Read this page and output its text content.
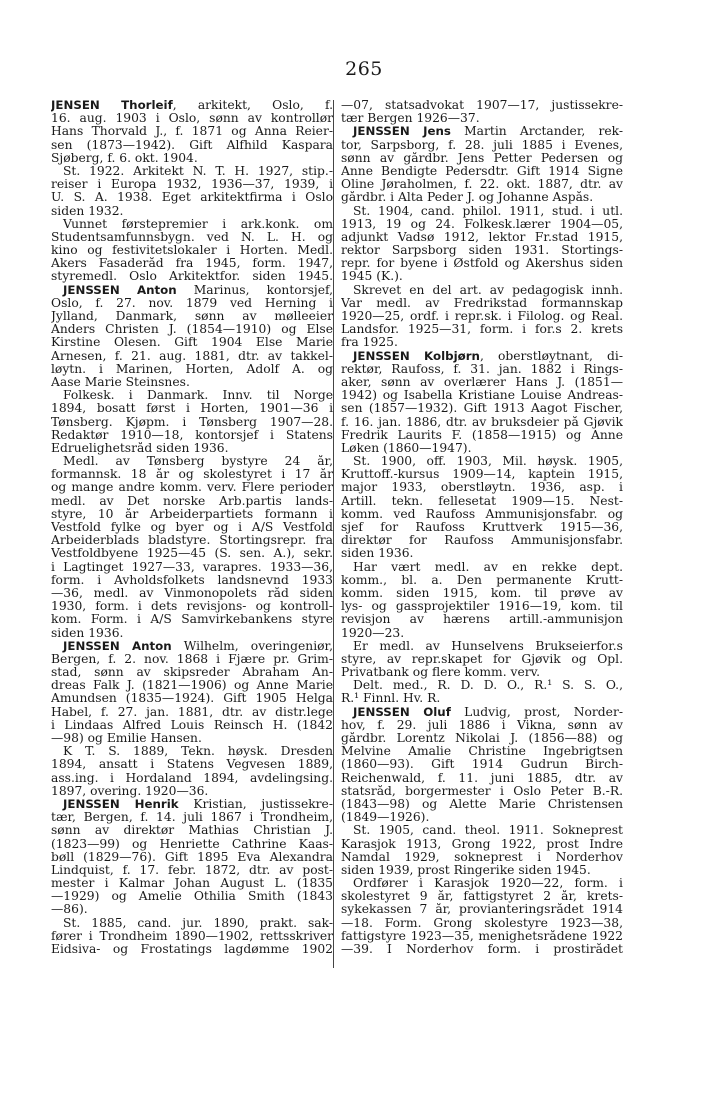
265
JENSEN Thorleif, arkitekt, Oslo, f.
16. aug. 1903 i Oslo, sønn av kontrollør
Hans Thorvald J., f. 1871 og Anna Reier-
sen (1873—1942). Gift Alfhild Kaspara
Sjøberg, f. 6. okt. 1904.
St. 1922. Arkitekt N. T. H. 1927, stip.-
reiser i Europa 1932, 1936—37, 1939, i
U. S. A. 1938. Eget arkitektfirma i Oslo
siden 1932.
Vunnet førstepremier i ark.konk. om
Studentsamfunnsbygn. ved N. L. H. og
kino og festivitetslokaler i Horten. Medl.
Akers Fasaderåd fra 1945, form. 1947,
styremedl. Oslo Arkitektfor. siden 1945.
JENSSEN Anton Marinus, kontorsjef,
Oslo, f. 27. nov. 1879 ved Herning i
Jylland, Danmark, sønn av mølleeier
Anders Christen J. (1854—1910) og Else
Kirstine Olesen. Gift 1904 Else Marie
Arnesen, f. 21. aug. 1881, dtr. av takkel-
løytn. i Marinen, Horten, Adolf A. og
Aase Marie Steinsnes.
Folkesk. i Danmark. Innv. til Norge
1894, bosatt først i Horten, 1901—36 i
Tønsberg. Kjøpm. i Tønsberg 1907—28.
Redaktør 1910—18, kontorsjef i Statens
Edruelighetsråd siden 1936.
Medl. av Tønsberg bystyre 24 år,
formannsk. 18 år og skolestyret i 17 år
og mange andre komm. verv. Flere perioder
medl. av Det norske Arb.partis lands-
styre, 10 år Arbeiderpartiets formann i
Vestfold fylke og byer og i A/S Vestfold
Arbeiderblads bladstyre. Stortingsrepr. fra
Vestfoldbyene 1925—45 (S. sen. A.), sekr.
i Lagtinget 1927—33, varapres. 1933—36,
form. i Avholdsfolkets landsnevnd 1933
—36, medl. av Vinmonopolets råd siden
1930, form. i dets revisjons- og kontroll-
kom. Form. i A/S Samvirkebankens styre
siden 1936.
JENSSEN Anton Wilhelm, overingeniør,
Bergen, f. 2. nov. 1868 i Fjære pr. Grim-
stad, sønn av skipsreder Abraham An-
dreas Falk J. (1821—1906) og Anne Marie
Amundsen (1835—1924). Gift 1905 Helga
Habel, f. 27. jan. 1881, dtr. av distr.lege
i Lindaas Alfred Louis Reinsch H. (1842
—98) og Emilie Hansen.
K T. S. 1889, Tekn. høysk. Dresden
1894, ansatt i Statens Vegvesen 1889,
ass.ing. i Hordaland 1894, avdelingsing.
1897, overing. 1920—36.
JENSSEN Henrik Kristian, justissekre-
tær, Bergen, f. 14. juli 1867 i Trondheim,
sønn av direktør Mathias Christian J.
(1823—99) og Henriette Cathrine Kaas-
bøll (1829—76). Gift 1895 Eva Alexandra
Lindquist, f. 17. febr. 1872, dtr. av post-
mester i Kalmar Johan August L. (1835
—1929) og Amelie Othilia Smith (1843
—86).
St. 1885, cand. jur. 1890, prakt. sak-
fører i Trondheim 1890—1902, rettsskriver
Eidsiva- og Frostatings lagdømme 1902
—07, statsadvokat 1907—17, justissekre-
tær Bergen 1926—37.
JENSSEN Jens Martin Arctander, rek-
tor, Sarpsborg, f. 28. juli 1885 i Evenes,
sønn av gårdbr. Jens Petter Pedersen og
Anne Bendigte Pedersdtr. Gift 1914 Signe
Oline Jøraholmen, f. 22. okt. 1887, dtr. av
gårdbr. i Alta Peder J. og Johanne Aspås.
St. 1904, cand. philol. 1911, stud. i utl.
1913, 19 og 24. Folkesk.lærer 1904—05,
adjunkt Vadsø 1912, lektor Fr.stad 1915,
rektor Sarpsborg siden 1931. Stortings-
repr. for byene i Østfold og Akershus siden
1945 (K.).
Skrevet en del art. av pedagogisk innh.
Var medl. av Fredrikstad formannskap
1920—25, ordf. i repr.sk. i Filolog. og Real.
Landsfor. 1925—31, form. i for.s 2. krets
fra 1925.
JENSSEN Kolbjørn, oberstløytnant, di-
rektør, Raufoss, f. 31. jan. 1882 i Rings-
aker, sønn av overlærer Hans J. (1851—
1942) og Isabella Kristiane Louise Andreas-
sen (1857—1932). Gift 1913 Aagot Fischer,
f. 16. jan. 1886, dtr. av bruksdeier på Gjøvik
Fredrik Laurits F. (1858—1915) og Anne
Løken (1860—1947).
St. 1900, off. 1903, Mil. høysk. 1905,
Kruttoff.-kursus 1909—14, kaptein 1915,
major 1933, oberstløytn. 1936, asp. i
Artill. tekn. fellesetat 1909—15. Nest-
komm. ved Raufoss Ammunisjonsfabr. og
sjef for Raufoss Kruttverk 1915—36,
direktør for Raufoss Ammunisjonsfabr.
siden 1936.
Har vært medl. av en rekke dept.
komm., bl. a. Den permanente Krutt-
komm. siden 1915, kom. til prøve av
lys- og gassprojektiler 1916—19, kom. til
revisjon av hærens artill.-ammunisjon
1920—23.
Er medl. av Hunselvens Brukseierfor.s
styre, av repr.skapet for Gjøvik og Opl.
Privatbank og flere komm. verv.
Delt. med., R. D. D. O., R.¹ S. S. O.,
R.¹ Finnl. Hv. R.
JENSSEN Oluf Ludvig, prost, Norder-
hov, f. 29. juli 1886 i Vikna, sønn av
gårdbr. Lorentz Nikolai J. (1856—88) og
Melvine Amalie Christine Ingebrigtsen
(1860—93). Gift 1914 Gudrun Birch-
Reichenwald, f. 11. juni 1885, dtr. av
statsråd, borgermester i Oslo Peter B.-R.
(1843—98) og Alette Marie Christensen
(1849—1926).
St. 1905, cand. theol. 1911. Sokneprest
Karasjok 1913, Grong 1922, prost Indre
Namdal 1929, sokneprest i Norderhov
siden 1939, prost Ringerike siden 1945.
Ordfører i Karasjok 1920—22, form. i
skolestyret 9 år, fattigstyret 2 år, krets-
sykekassen 7 år, provianteringsrådet 1914
—18. Form. Grong skolestyre 1923—38,
fattigstyre 1923—35, menighetsrådene 1922
—39. I Norderhov form. i prostirådet
